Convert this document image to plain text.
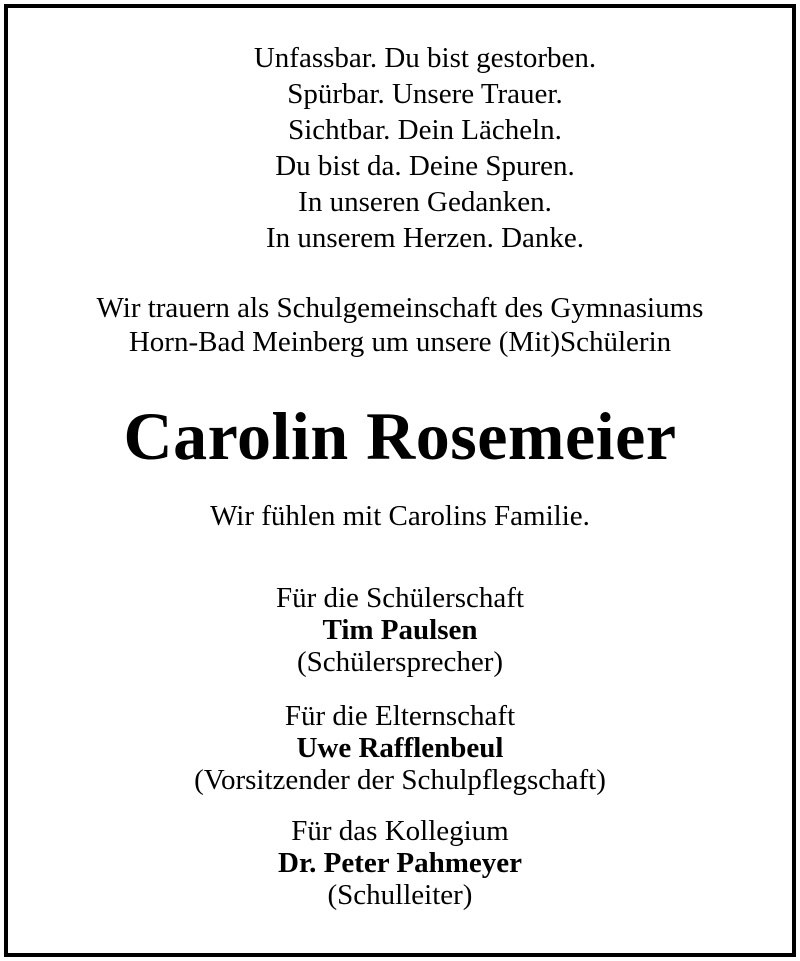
Unfassbar. Du bist gestorben.
Spürbar. Unsere Trauer.
Sichtbar. Dein Lächeln.
Du bist da. Deine Spuren.
In unseren Gedanken.
In unserem Herzen. Danke.
Wir trauern als Schulgemeinschaft des Gymnasiums
Horn-Bad Meinberg um unsere (Mit)Schülerin
Carolin Rosemeier
Wir fühlen mit Carolins Familie.
Für die Schülerschaft
Tim Paulsen
(Schülersprecher)
Für die Elternschaft
Uwe Rafflenbeul
(Vorsitzender der Schulpflegschaft)
Für das Kollegium
Dr. Peter Pahmeyer
(Schulleiter)
